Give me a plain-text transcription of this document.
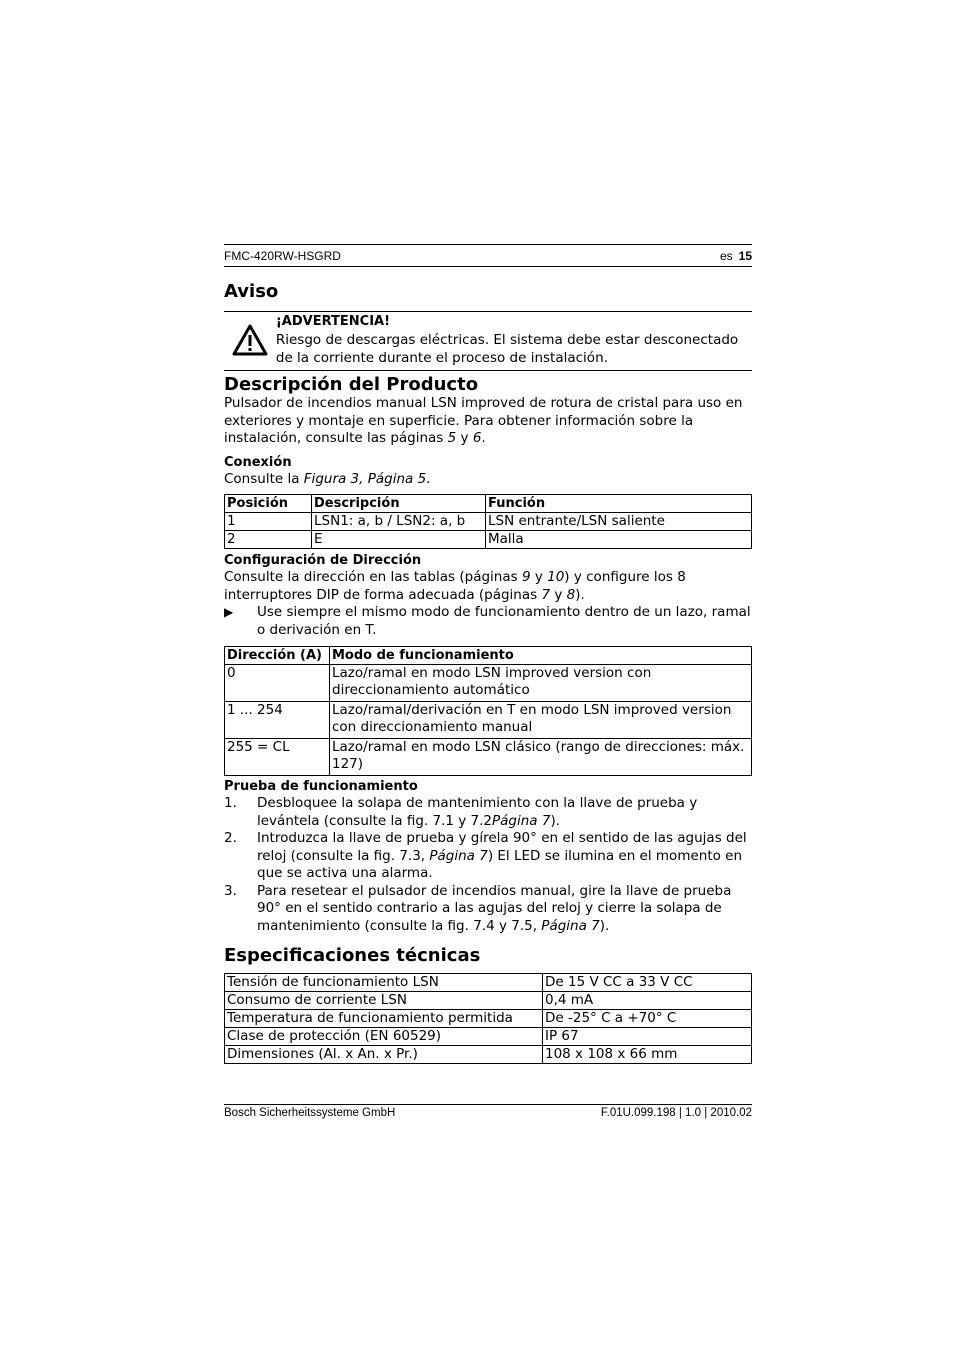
FMC-420RW-HSGRD	es 15
Aviso
¡ADVERTENCIA!
Riesgo de descargas eléctricas. El sistema debe estar desconectado de la corriente durante el proceso de instalación.
Descripción del Producto

Pulsador de incendios manual LSN improved de rotura de cristal para uso en exteriores y montaje en superficie. Para obtener información sobre la instalación, consulte las páginas 5 y 6.

Conexión

Consulte la Figura 3, Página 5.

Posición	Descripción	Función
1	LSN1: a, b / LSN2: a, b	LSN entrante/LSN saliente
2	E	Malla
Configuración de Dirección

Consulte la dirección en las tablas (páginas 9 y 10) y configure los 8 interruptores DIP de forma adecuada (páginas 7 y 8).

▶	Use siempre el mismo modo de funcionamiento dentro de un lazo, ramal o derivación en T.
Dirección (A)	Modo de funcionamiento
0	Lazo/ramal en modo LSN improved version con direccionamiento automático
1 ... 254	Lazo/ramal/derivación en T en modo LSN improved version con direccionamiento manual
255 = CL	Lazo/ramal en modo LSN clásico (rango de direcciones: máx. 127)
Prueba de funcionamiento
1.	Desbloquee la solapa de mantenimiento con la llave de prueba y levántela (consulte la fig. 7.1 y 7.2Página 7).
2.	Introduzca la llave de prueba y gírela 90° en el sentido de las agujas del reloj (consulte la fig. 7.3, Página 7) El LED se ilumina en el momento en que se activa una alarma.
3.	Para resetear el pulsador de incendios manual, gire la llave de prueba 90° en el sentido contrario a las agujas del reloj y cierre la solapa de mantenimiento (consulte la fig. 7.4 y 7.5, Página 7).
Especificaciones técnicas
Tensión de funcionamiento LSN	De 15 V CC a 33 V CC
Consumo de corriente LSN	0,4 mA
Temperatura de funcionamiento permitida	De -25° C a +70° C
Clase de protección (EN 60529)	IP 67
Dimensiones (Al. x An. x Pr.)	108 x 108 x 66 mm
Bosch Sicherheitssysteme GmbH	F.01U.099.198 | 1.0 | 2010.02
